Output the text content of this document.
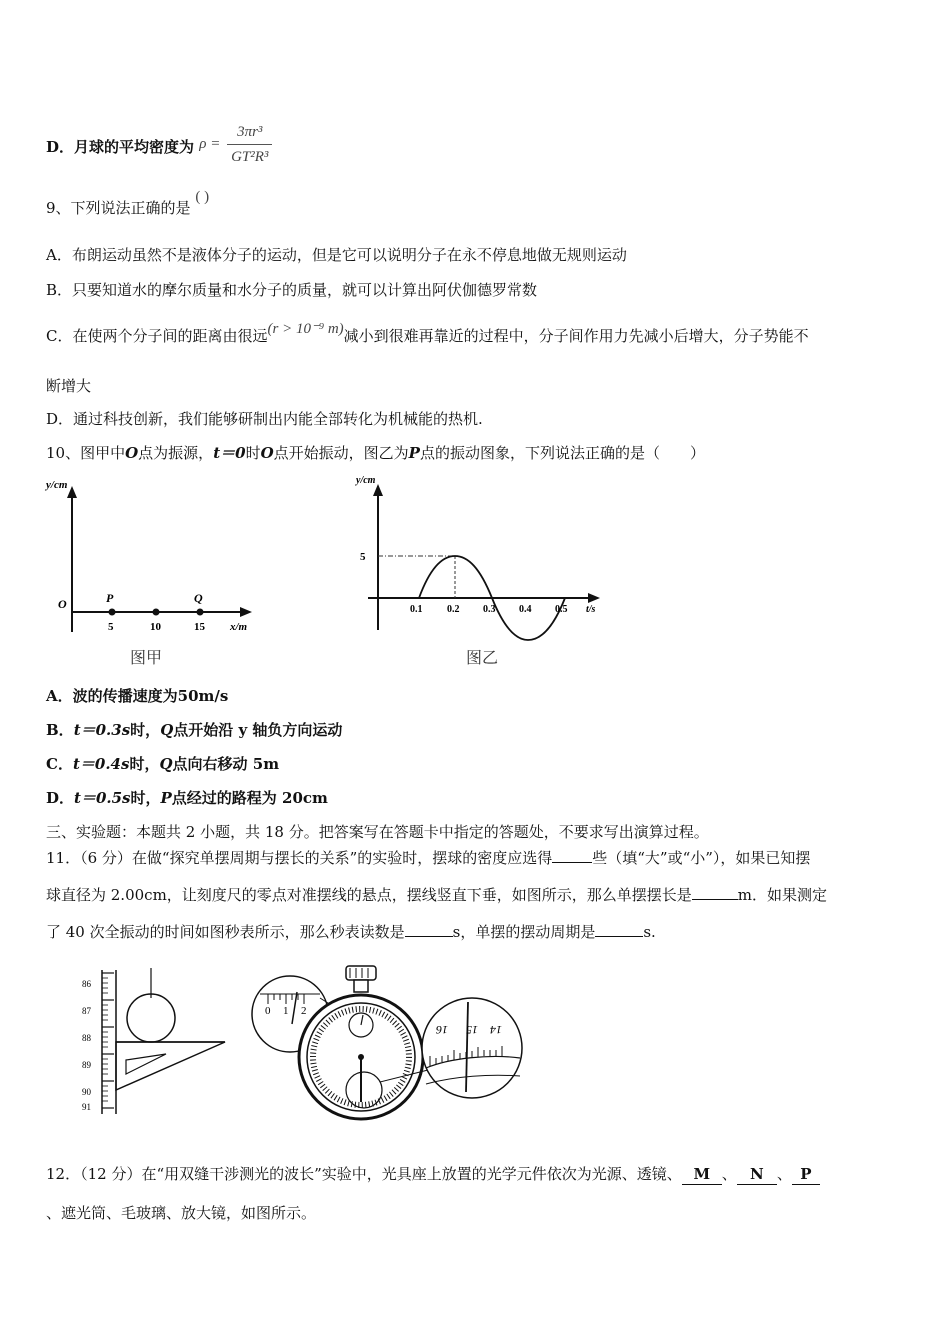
D．月球的平均密度为 $\rho = \frac{\text{3πr³}}{\text{GT²R³}}$
9、下列说法正确的是 ( )
A．布朗运动虽然不是液体分子的运动，但是它可以说明分子在永不停息地做无规则运动
B．只要知道水的摩尔质量和水分子的质量，就可以计算出阿伏伽德罗常数
C．在使两个分子间的距离由很远(r > 10⁻⁹ m)减小到很难再靠近的过程中，分子间作用力先减小后增大，分子势能不
断增大
D．通过科技创新，我们能够研制出内能全部转化为机械能的热机.
10、图甲中O点为振源，t＝0时O点开始振动，图乙为P点的振动图象，下列说法正确的是（　　）
y/cm
x/m
O	P	Q
5	10	15
图甲
y/cm
t/s
5
0.1 0.2 0.3 0.4 0.5
图乙
A．波的传播速度为50m/s
B．t＝0.3s时，Q点开始沿 y 轴负方向运动
C．t＝0.4s时，Q点向右移动 5m
D．t＝0.5s时，P点经过的路程为 20cm
三、实验题：本题共 2 小题，共 18 分。把答案写在答题卡中指定的答题处，不要求写出演算过程。
11．（6 分）在做“探究单摆周期与摆长的关系”的实验时，摆球的密度应选得	些（填“大”或“小”），如果已知摆
球直径为 2.00cm，让刻度尺的零点对准摆线的悬点，摆线竖直下垂，如图所示，那么单摆摆长是	m．如果测定
了 40 次全振动的时间如图秒表所示，那么秒表读数是	s，单摆的摆动周期是	s.
86
87
88
89
90
91
0 1 2
16 15 14
12．（12 分）在“用双缝干涉测光的波长”实验中，光具座上放置的光学元件依次为光源、透镜、 M 、 N 、 P
、遮光筒、毛玻璃、放大镜，如图所示。
